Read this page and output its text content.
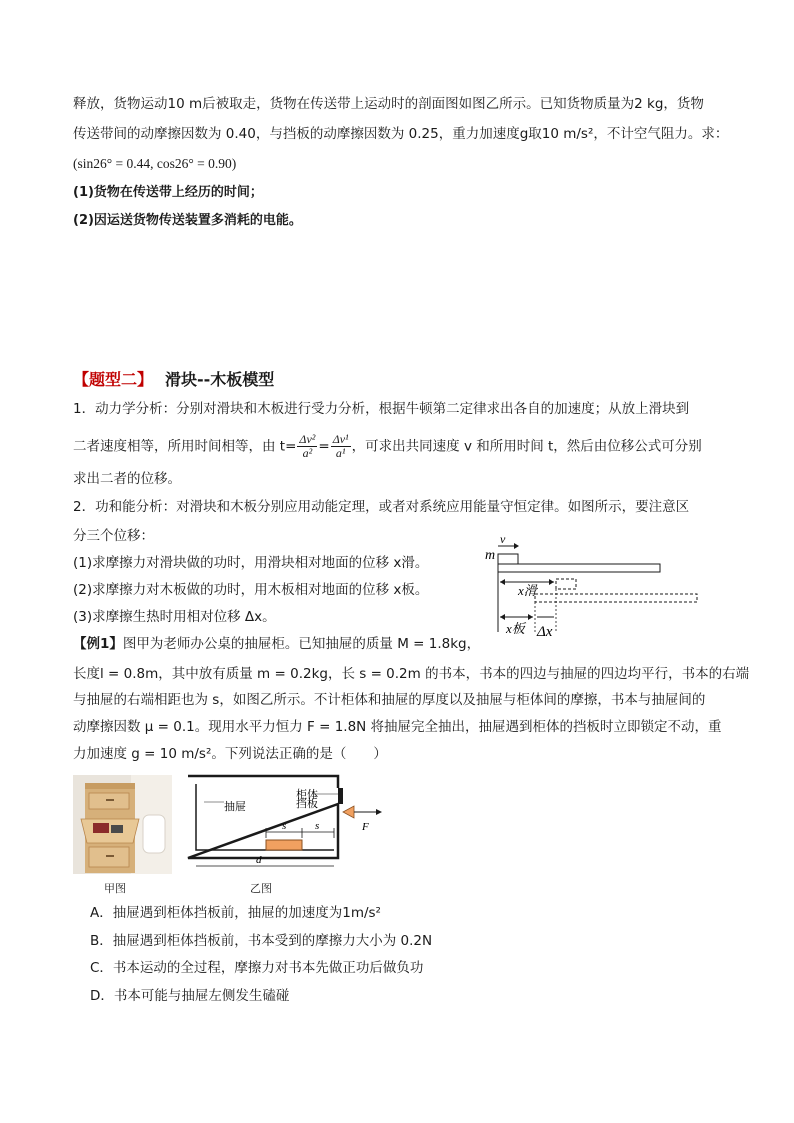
释放，货物运动10 m后被取走，货物在传送带上运动时的剖面图如图乙所示。已知货物质量为2 kg，货物
传送带间的动摩擦因数为 0.40，与挡板的动摩擦因数为 0.25，重力加速度g取10 m/s²，不计空气阻力。求：
(sin26° = 0.44, cos26° = 0.90)
(1)货物在传送带上经历的时间；
(2)因运送货物传送装置多消耗的电能。
【题型二】 滑块--木板模型
1．动力学分析：分别对滑块和木板进行受力分析，根据牛顿第二定律求出各自的加速度；从放上滑块到
二者速度相等，所用时间相等，由 $t= \frac{\text{Δv²}}{\text{a²}} = \frac{\text{Δv¹}}{\text{a¹}}$ ，可求出共同速度 v 和所用时间 t，然后由位移公式可分别
求出二者的位移。
2．功和能分析：对滑块和木板分别应用动能定理，或者对系统应用能量守恒定律。如图所示，要注意区
分三个位移：
(1)求摩擦力对滑块做的功时，用滑块相对地面的位移 x滑。
(2)求摩擦力对木板做的功时，用木板相对地面的位移 x板。
(3)求摩擦生热时用相对位移 Δx。
m
v
x滑
x板 Δx
【例1】图甲为老师办公桌的抽屉柜。已知抽屉的质量 M = 1.8kg，
长度l = 0.8m，其中放有质量 m = 0.2kg，长 s = 0.2m 的书本，书本的四边与抽屉的四边均平行，书本的右端
与抽屉的右端相距也为 s，如图乙所示。不计柜体和抽屉的厚度以及抽屉与柜体间的摩擦，书本与抽屉间的
动摩擦因数 μ = 0.1。现用水平力恒力 F = 1.8N 将抽屉完全抽出，抽屉遇到柜体的挡板时立即锁定不动，重
力加速度 g = 10 m/s²。下列说法正确的是（　　）
甲图
柜体
挡板
抽屉
s	s
d
F
乙图
A．抽屉遇到柜体挡板前，抽屉的加速度为1m/s²
B．抽屉遇到柜体挡板前，书本受到的摩擦力大小为 0.2N
C．书本运动的全过程，摩擦力对书本先做正功后做负功
D．书本可能与抽屉左侧发生磕碰
